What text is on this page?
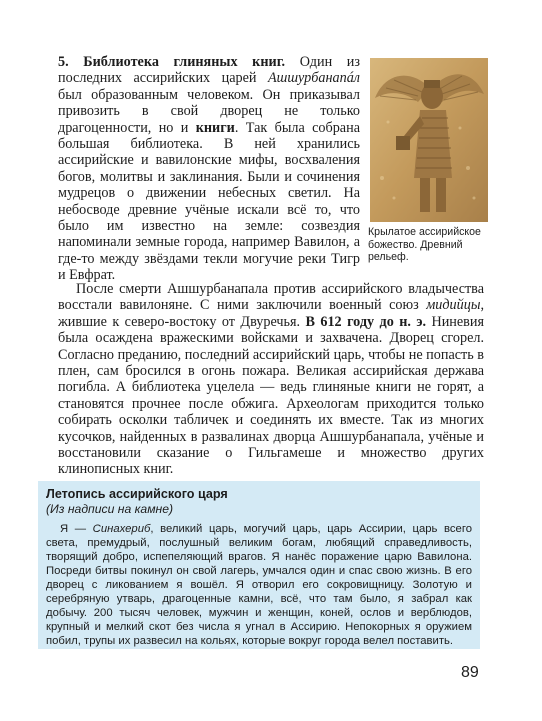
5. Библиотека глиняных книг. Один из последних ассирийских царей Ашшурбанапáл был образованным человеком. Он приказывал привозить в свой дворец не только драгоценности, но и книги. Так была собрана большая библиотека. В ней хранились ассирийские и вавилонские мифы, восхваления богов, молитвы и заклинания. Были и сочинения мудрецов о движении небесных светил. На небосводе древние учёные искали всё то, что было им известно на земле: созвездия напоминали земные города, например Вавилон, а где-то между звёздами текли могучие реки Тигр и Евфрат.

Крылатое ассирийское божество. Древний рельеф.

После смерти Ашшурбанапала против ассирийского владычества восстали вавилоняне. С ними заключили военный союз мидийцы, жившие к северо-востоку от Двуречья. В 612 году до н. э. Ниневия была осаждена вражескими войсками и захвачена. Дворец сгорел. Согласно преданию, последний ассирийский царь, чтобы не попасть в плен, сам бросился в огонь пожара. Великая ассирийская держава погибла. А библиотека уцелела — ведь глиняные книги не горят, а становятся прочнее после обжига. Археологам приходится только собирать осколки табличек и соединять их вместе. Так из многих кусочков, найденных в развалинах дворца Ашшурбанапала, учёные и восстановили сказание о Гильгамеше и множество других клинописных книг.

Летопись ассирийского царя
(Из надписи на камне)

Я — Синахериб, великий царь, могучий царь, царь Ассирии, царь всего света, премудрый, послушный великим богам, любящий справедливость, творящий добро, испепеляющий врагов. Я нанёс поражение царю Вавилона. Посреди битвы покинул он свой лагерь, умчался один и спас свою жизнь. В его дворец с ликованием я вошёл. Я отворил его сокровищницу. Золотую и серебряную утварь, драгоценные камни, всё, что там было, я забрал как добычу. 200 тысяч человек, мужчин и женщин, коней, ослов и верблюдов, крупный и мелкий скот без числа я угнал в Ассирию. Непокорных я оружием побил, трупы их развесил на кольях, которые вокруг города велел поставить.

89
